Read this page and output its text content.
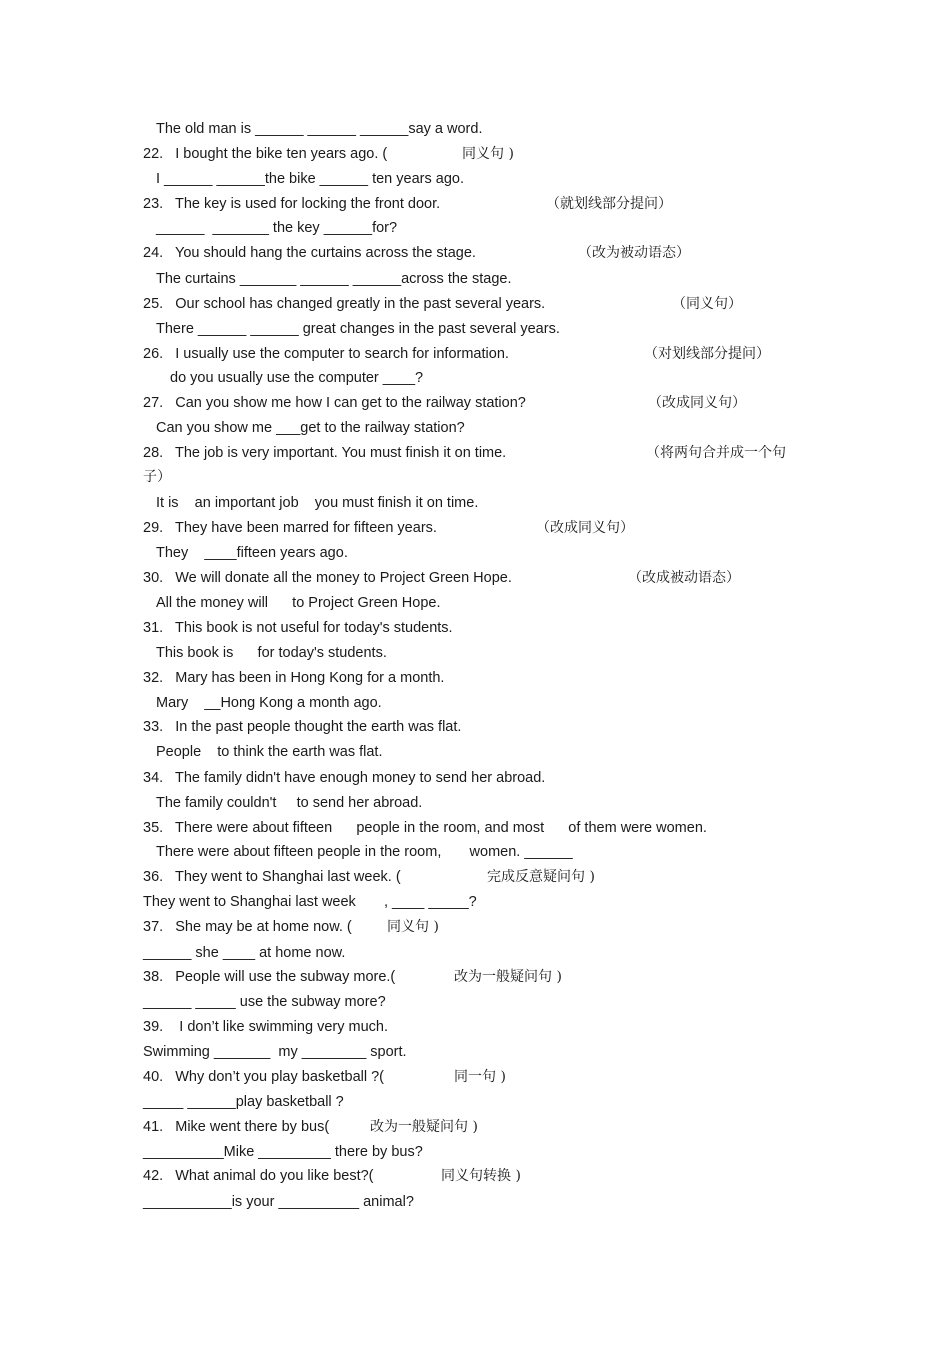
The old man is ______ ______ ______say a word.
22.   I bought the bike ten years ago. (	同义句 )
I ______ ______the bike ______ ten years ago.
23.   The key is used for locking the front door.	（就划线部分提问）
______  _______ the key ______for?
24.   You should hang the curtains across the stage.	（改为被动语态）
The curtains _______ ______ ______across the stage.
25.   Our school has changed greatly in the past several years.	（同义句）
There ______ ______ great changes in the past several years.
26.   I usually use the computer to search for information.	（对划线部分提问）
do you usually use the computer ____?
27.   Can you show me how I can get to the railway station?	（改成同义句）
Can you show me ___get to the railway station?
28.   The job is very important. You must finish it on time.	（将两句合并成一个句
子）
It is    an important job    you must finish it on time.
29.   They have been marred for fifteen years.	（改成同义句）
They    ____fifteen years ago.
30.   We will donate all the money to Project Green Hope.	（改成被动语态）
All the money will      to Project Green Hope.
31.   This book is not useful for today's students.
This book is      for today's students.
32.   Mary has been in Hong Kong for a month.
Mary    __Hong Kong a month ago.
33.   In the past people thought the earth was flat.
People    to think the earth was flat.
34.   The family didn't have enough money to send her abroad.
The family couldn't     to send her abroad.
35.   There were about fifteen      people in the room, and most      of them were women.
There were about fifteen people in the room,       women. ______
36.   They went to Shanghai last week. (	完成反意疑问句 )
They went to Shanghai last week       , ____ _____?
37.   She may be at home now. (	同义句 )
______ she ____ at home now.
38.   People will use the subway more.(	改为一般疑问句 )
______ _____ use the subway more?
39.    I don’t like swimming very much.
Swimming _______  my ________ sport.
40.   Why don’t you play basketball ?(	同一句 )
_____ ______play basketball ?
41.   Mike went there by bus(	改为一般疑问句 )
__________Mike _________ there by bus?
42.   What animal do you like best?(	同义句转换 )
___________is your __________ animal?
